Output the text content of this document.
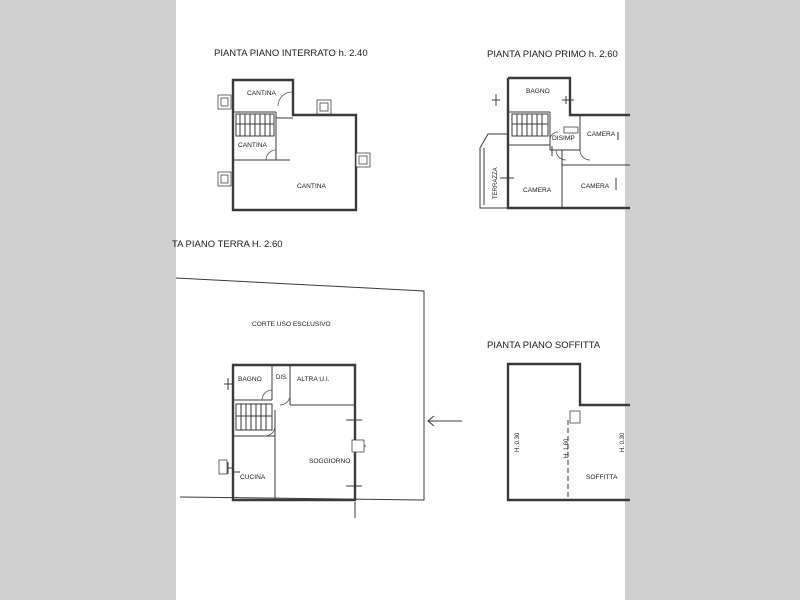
PIANTA PIANO INTERRATO h. 2.40
CANTINA
CANTINA
CANTINA
PIANTA PIANO PRIMO h. 2.60
BAGNO
DISIMP
CAMERA
CAMERA
CAMERA
TERRAZZA
TA PIANO TERRA H. 2.60
CORTE USO ESCLUSIVO
BAGNO DIS. ALTRA U.I.
CUCINA
SOGGIORNO
PIANTA PIANO SOFFITTA
H. 0.30	H. 1.60	H. 0.30
SOFFITTA
